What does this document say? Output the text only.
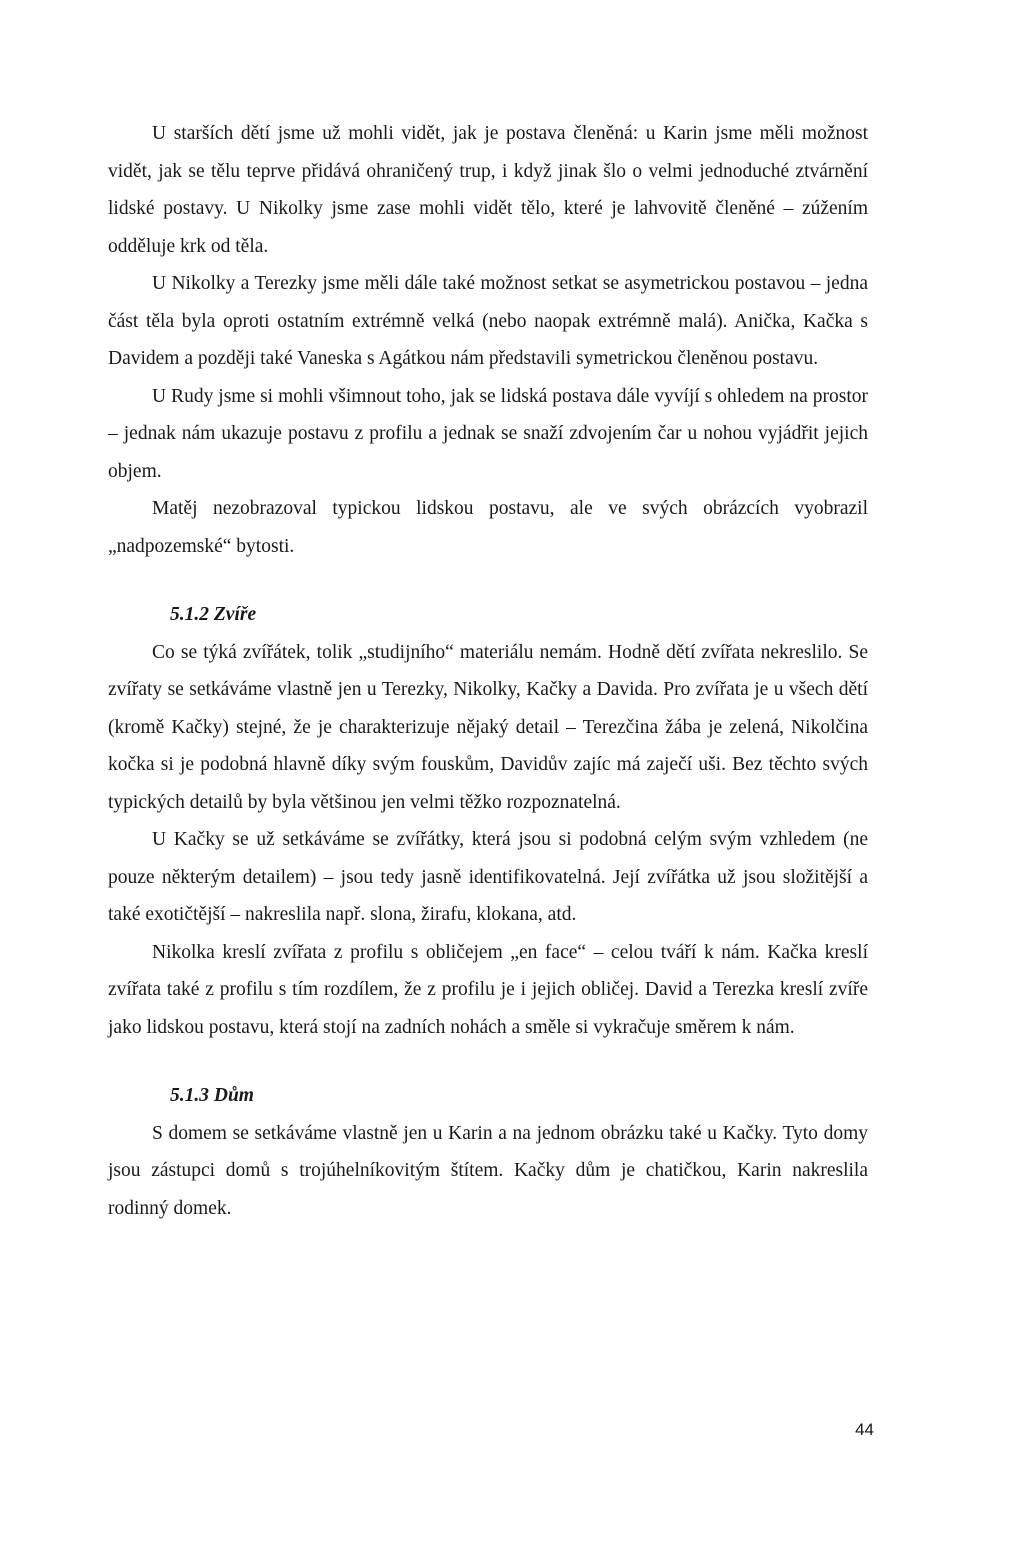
U starších dětí jsme už mohli vidět, jak je postava členěná: u Karin jsme měli možnost vidět, jak se tělu teprve přidává ohraničený trup, i když jinak šlo o velmi jednoduché ztvárnění lidské postavy. U Nikolky jsme zase mohli vidět tělo, které je lahvovitě členěné – zúžením odděluje krk od těla.

U Nikolky a Terezky jsme měli dále také možnost setkat se asymetrickou postavou – jedna část těla byla oproti ostatním extrémně velká (nebo naopak extrémně malá). Anička, Kačka s Davidem a později také Vaneska s Agátkou nám představili symetrickou členěnou postavu.

U Rudy jsme si mohli všimnout toho, jak se lidská postava dále vyvíjí s ohledem na prostor – jednak nám ukazuje postavu z profilu a jednak se snaží zdvojením čar u nohou vyjádřit jejich objem.

Matěj nezobrazoval typickou lidskou postavu, ale ve svých obrázcích vyobrazil „nadpozemské“ bytosti.

5.1.2 Zvíře

Co se týká zvířátek, tolik „studijního“ materiálu nemám. Hodně dětí zvířata nekreslilo. Se zvířaty se setkáváme vlastně jen u Terezky, Nikolky, Kačky a Davida. Pro zvířata je u všech dětí (kromě Kačky) stejné, že je charakterizuje nějaký detail – Terezčina žába je zelená, Nikolčina kočka si je podobná hlavně díky svým fouskům, Davidův zajíc má zaječí uši. Bez těchto svých typických detailů by byla většinou jen velmi těžko rozpoznatelná.

U Kačky se už setkáváme se zvířátky, která jsou si podobná celým svým vzhledem (ne pouze některým detailem) – jsou tedy jasně identifikovatelná. Její zvířátka už jsou složitější a také exotičtější – nakreslila např. slona, žirafu, klokana, atd.

Nikolka kreslí zvířata z profilu s obličejem „en face“ – celou tváří k nám. Kačka kreslí zvířata také z profilu s tím rozdílem, že z profilu je i jejich obličej. David a Terezka kreslí zvíře jako lidskou postavu, která stojí na zadních nohách a směle si vykračuje směrem k nám.

5.1.3 Dům

S domem se setkáváme vlastně jen u Karin a na jednom obrázku také u Kačky. Tyto domy jsou zástupci domů s trojúhelníkovitým štítem. Kačky dům je chatičkou, Karin nakreslila rodinný domek.

44
